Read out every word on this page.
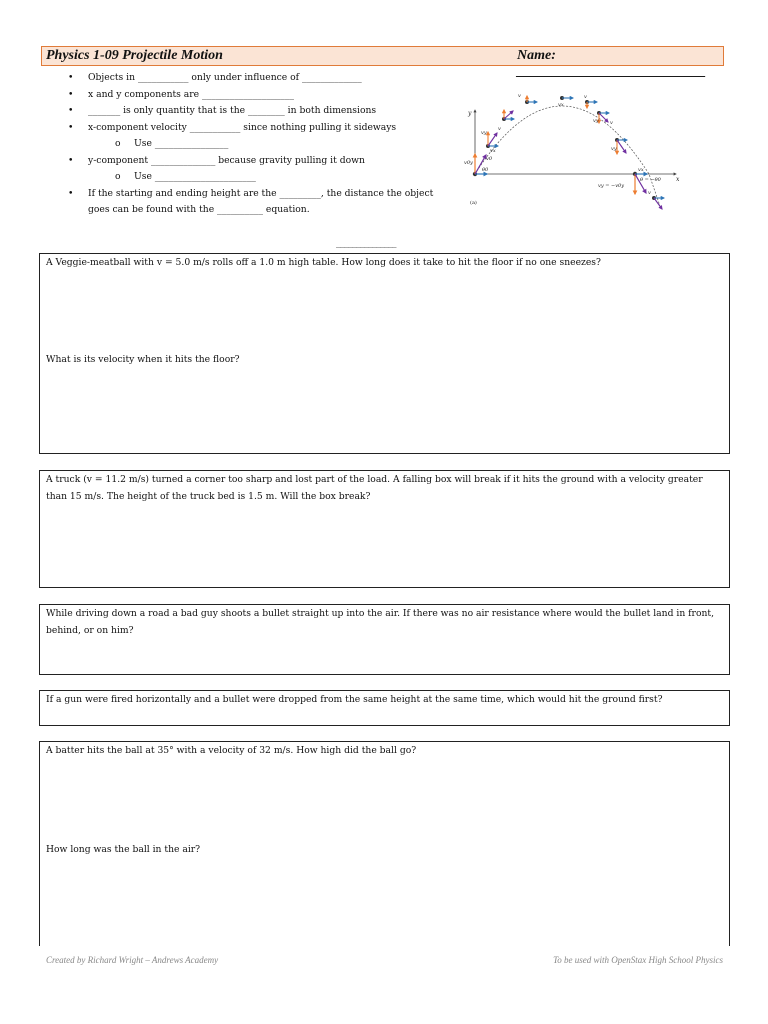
Physics 1-09 Projectile Motion	Name: ___________________________
• Objects in ___________ only under influence of _____________
• x and y components are ____________________
• _______ is only quantity that is the ________ in both dimensions
• x-component velocity ___________ since nothing pulling it sideways
o Use ________________
• y-component ______________ because gravity pulling it down
o Use ______________________
• If the starting and ending height are the _________, the distance the object goes can be found with the __________ equation.
y
x
v0y
v0
θ0
vy
vx
v
v
vx
v
vy v
vy
vx
θ = −θ0
vy = −v0y
v
(a)
_______________
A Veggie-meatball with v = 5.0 m/s rolls off a 1.0 m high table. How long does it take to hit the floor if no one sneezes?
What is its velocity when it hits the floor?
A truck (v = 11.2 m/s) turned a corner too sharp and lost part of the load. A falling box will break if it hits the ground with a velocity greater than 15 m/s. The height of the truck bed is 1.5 m. Will the box break?
While driving down a road a bad guy shoots a bullet straight up into the air. If there was no air resistance where would the bullet land in front, behind, or on him?
If a gun were fired horizontally and a bullet were dropped from the same height at the same time, which would hit the ground first?
A batter hits the ball at 35° with a velocity of 32 m/s. How high did the ball go?
How long was the ball in the air?
Created by Richard Wright – Andrews Academy	To be used with OpenStax High School Physics
